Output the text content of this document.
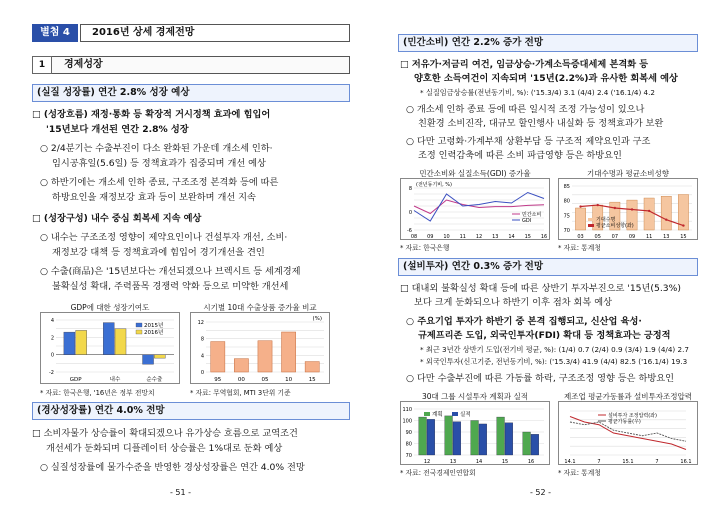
별첨 4	2016년 상세 경제전망
1	경제성장
(실질 성장률) 연간 2.8% 성장 예상
□ (성장흐름) 재정·통화 등 확장적 거시정책 효과에 힘입어
'15년보다 개선된 연간 2.8% 성장
○ 2/4분기는 수출부진이 다소 완화된 가운데 개소세 인하·
임시공휴일(5.6일) 등 정책효과가 집중되며 개선 예상
○ 하반기에는 개소세 인하 종료, 구조조정 본격화 등에 따른
하방요인을 재정보강 효과 등이 보완하며 개선 지속
□ (성장구성) 내수 중심 회복세 지속 예상
○ 내수는 구조조정 영향이 제약요인이나 건설투자 개선, 소비·
재정보강 대책 등 정책효과에 힘입어 경기개선을 견인
○ 수출(商品)은 '15년보다는 개선되겠으나 브렉시트 등 세계경제
불확실성 확대, 주력품목 경쟁력 약화 등으로 미약한 개선세
GDP에 대한 성장기여도
GDP	내수	순수출
-2
0
2
4
2015년
2016년
* 자료: 한국은행, '16년은 정부 전망치
시기별 10대 수출상품 증가율 비교
95	00	05	10	15
0
4
8
12
(%)
* 자료: 무역협회, MTI 3단위 기준
(경상성장률) 연간 4.0% 전망
□ 소비자물가 상승률이 확대되겠으나 유가상승 흐름으로 교역조건
개선세가 둔화되며 디플레이터 상승률은 1%대로 둔화 예상
○ 실질성장률에 물가수준을 반영한 경상성장률은 연간 4.0% 전망
- 51 -
(민간소비) 연간 2.2% 증가 전망
□ 저유가·저금리 여건, 임금상승·가계소득증대세제 본격화 등
양호한 소득여건이 지속되며 '15년(2.2%)과 유사한 회복세 예상
* 실질임금상승률(전년동기비, %): ('15.3/4) 3.1 (4/4) 2.4 ('16.1/4) 4.2
○ 개소세 인하 종료 등에 따른 일시적 조정 가능성이 있으나
친환경 소비진작, 대규모 할인행사 내실화 등 정책효과가 보완
○ 다만 고령화·가계부채 상환부담 등 구조적 제약요인과 구조
조정 인력감축에 따른 소비 파급영향 등은 하방요인
민간소비와 실질소득(GDI) 증가율
08 09 10 11 12 13 14 15 16
-6
0
8
(전년동기비, %)
민간소비
GDI
* 자료: 한국은행
기대수명과 평균소비성향
03 05 07 09 11 13 15
70
75
80
85
기대수명
평균소비성향(좌)
* 자료: 통계청
(설비투자) 연간 0.3% 증가 전망
□ 대내외 불확실성 확대 등에 따른 상반기 투자부진으로 '15년(5.3%)
보다 크게 둔화되으나 하반기 이후 점차 회복 예상
○ 주요기업 투자가 하반기 중 본격 집행되고, 신산업 육성·
규제프리존 도입, 외국인투자(FDI) 확대 등 정책효과는 긍정적
* 최근 3년간 상반기 도입(전기비 평균, %): (1/4) 0.7 (2/4) 0.9 (3/4) 1.9 (4/4) 2.7
* 외국인투자(신고기준, 전년동기비, %): ('15.3/4) 41.9 (4/4) 82.5 ('16.1/4) 19.3
○ 다만 수출부진에 따른 가동률 하락, 구조조정 영향 등은 하방요인
30대 그룹 시설투자 계획과 실적
12	13	14	15	16
70
80
90
100
110
계획	실적
* 자료: 전국경제인연합회
제조업 평균가동률과 설비투자조정압력
14.1	7	15.1	7	16.1
설비투자 조정압력(좌)
평균가동률(우)
* 자료: 통계청
- 52 -
